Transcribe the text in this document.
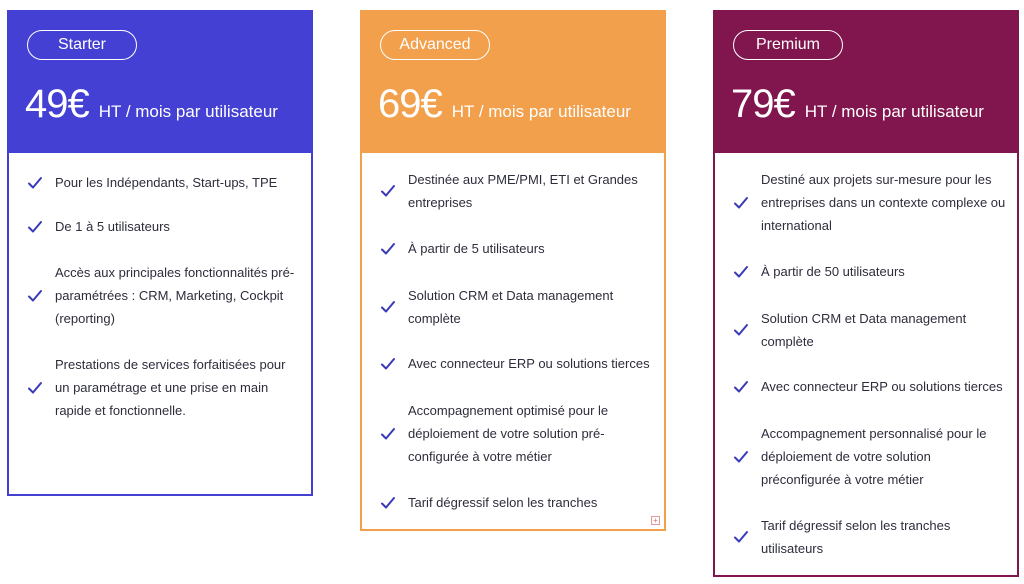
Starter
49€ HT / mois par utilisateur
Pour les Indépendants, Start-ups, TPE
De 1 à 5 utilisateurs
Accès aux principales fonctionnalités pré-paramétrées : CRM, Marketing, Cockpit (reporting)
Prestations de services forfaitisées pour un paramétrage et une prise en main rapide et fonctionnelle.
Advanced
69€ HT / mois par utilisateur
Destinée aux PME/PMI, ETI et Grandes entreprises
À partir de 5 utilisateurs
Solution CRM et Data management complète
Avec connecteur ERP ou solutions tierces
Accompagnement optimisé pour le déploiement de votre solution pré-configurée à votre métier
Tarif dégressif selon les tranches
+
Premium
79€ HT / mois par utilisateur
Destiné aux projets sur-mesure pour les entreprises dans un contexte complexe ou international
À partir de 50 utilisateurs
Solution CRM et Data management complète
Avec connecteur ERP ou solutions tierces
Accompagnement personnalisé pour le déploiement de votre solution préconfigurée à votre métier
Tarif dégressif selon les tranches utilisateurs
